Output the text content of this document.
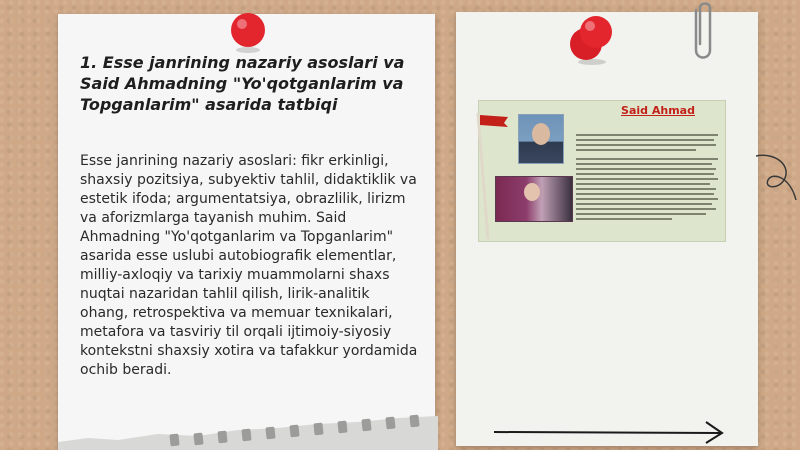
1. Esse janrining nazariy asoslari va Said Ahmadning "Yo'qotganlarim va Topganlarim" asarida tatbiqi

Esse janrining nazariy asoslari: fikr erkinligi, shaxsiy pozitsiya, subyektiv tahlil, didaktiklik va estetik ifoda; argumentatsiya, obrazlilik, lirizm va aforizmlarga tayanish muhim. Said Ahmadning "Yo'qotganlarim va Topganlarim" asarida esse uslubi autobiografik elementlar, milliy-axloqiy va tarixiy muammolarni shaxs nuqtai nazaridan tahlil qilish, lirik-analitik ohang, retrospektiva va memuar texnikalari, metafora va tasviriy til orqali ijtimoiy-siyosiy kontekstni shaxsiy xotira va tafakkur yordamida ochib beradi.

Said Ahmad
